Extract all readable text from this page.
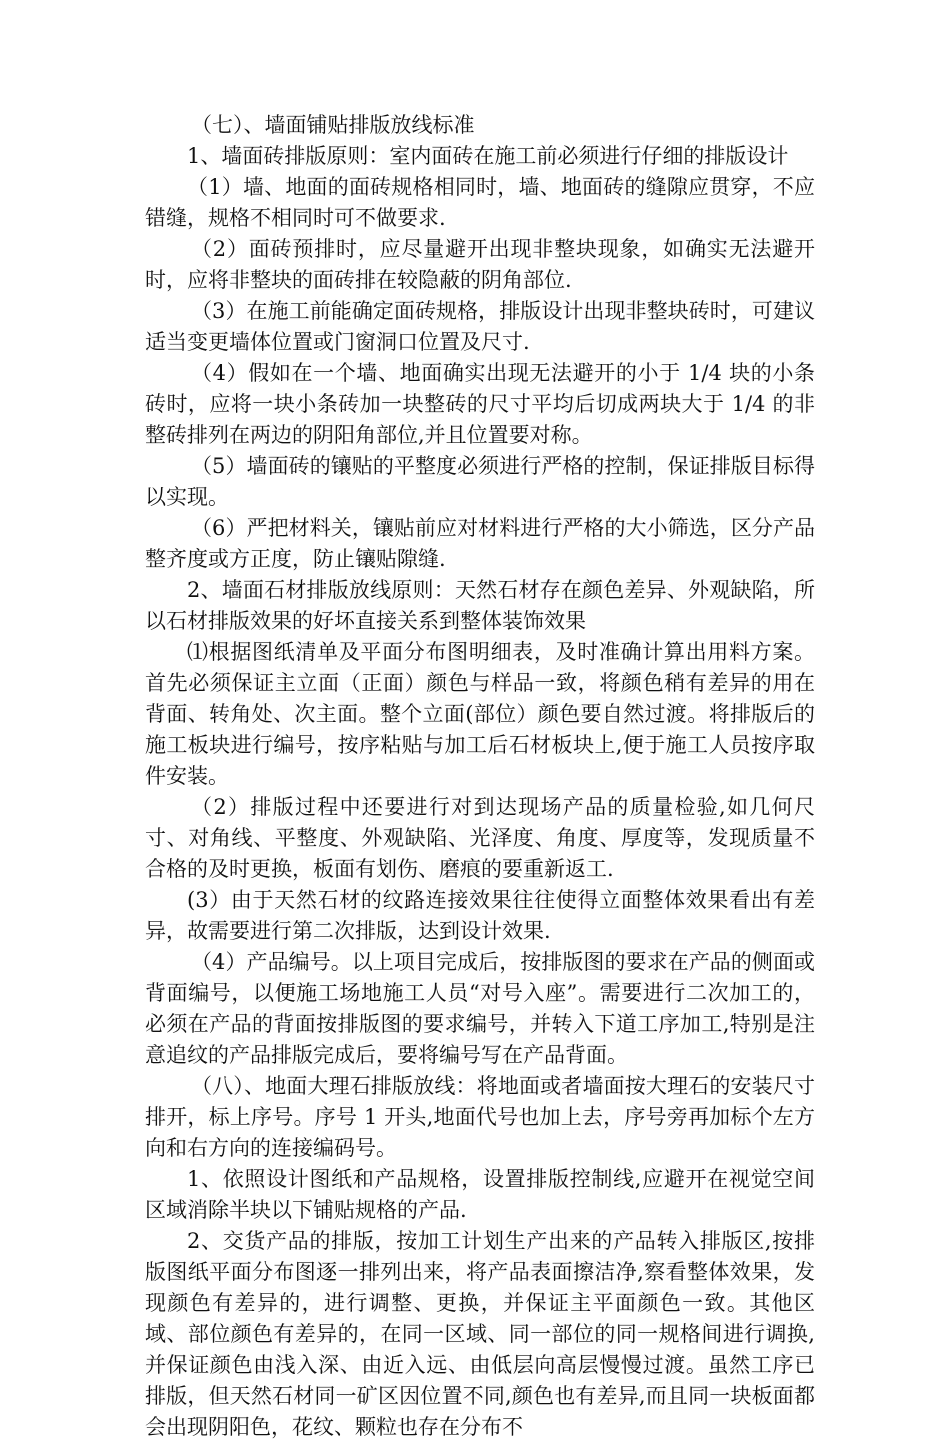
（七）、墙面铺贴排版放线标准

1、墙面砖排版原则：室内面砖在施工前必须进行仔细的排版设计

（1）墙、地面的面砖规格相同时，墙、地面砖的缝隙应贯穿，不应错缝，规格不相同时可不做要求.

（2）面砖预排时，应尽量避开出现非整块现象，如确实无法避开时，应将非整块的面砖排在较隐蔽的阴角部位.

（3）在施工前能确定面砖规格，排版设计出现非整块砖时，可建议适当变更墙体位置或门窗洞口位置及尺寸.

（4）假如在一个墙、地面确实出现无法避开的小于 1/4 块的小条砖时，应将一块小条砖加一块整砖的尺寸平均后切成两块大于 1/4 的非整砖排列在两边的阴阳角部位,并且位置要对称。

（5）墙面砖的镶贴的平整度必须进行严格的控制，保证排版目标得以实现。

（6）严把材料关，镶贴前应对材料进行严格的大小筛选，区分产品整齐度或方正度，防止镶贴隙缝.

2、墙面石材排版放线原则：天然石材存在颜色差异、外观缺陷，所以石材排版效果的好坏直接关系到整体装饰效果

⑴根据图纸清单及平面分布图明细表，及时准确计算出用料方案。首先必须保证主立面（正面）颜色与样品一致，将颜色稍有差异的用在背面、转角处、次主面。整个立面(部位）颜色要自然过渡。将排版后的施工板块进行编号，按序粘贴与加工后石材板块上,便于施工人员按序取件安装。

（2）排版过程中还要进行对到达现场产品的质量检验,如几何尺寸、对角线、平整度、外观缺陷、光泽度、角度、厚度等，发现质量不合格的及时更换，板面有划伤、磨痕的要重新返工.

(3）由于天然石材的纹路连接效果往往使得立面整体效果看出有差异，故需要进行第二次排版，达到设计效果.

（4）产品编号。以上项目完成后，按排版图的要求在产品的侧面或背面编号，以便施工场地施工人员“对号入座”。需要进行二次加工的，必须在产品的背面按排版图的要求编号，并转入下道工序加工,特别是注意追纹的产品排版完成后，要将编号写在产品背面。

（八）、地面大理石排版放线：将地面或者墙面按大理石的安装尺寸排开，标上序号。序号 1 开头,地面代号也加上去，序号旁再加标个左方向和右方向的连接编码号。

1、依照设计图纸和产品规格，设置排版控制线,应避开在视觉空间区域消除半块以下铺贴规格的产品.

2、交货产品的排版，按加工计划生产出来的产品转入排版区,按排版图纸平面分布图逐一排列出来，将产品表面擦洁净,察看整体效果，发现颜色有差异的，进行调整、更换，并保证主平面颜色一致。其他区域、部位颜色有差异的，在同一区域、同一部位的同一规格间进行调换,并保证颜色由浅入深、由近入远、由低层向高层慢慢过渡。虽然工序已排版，但天然石材同一矿区因位置不同,颜色也有差异,而且同一块板面都会出现阴阳色，花纹、颗粒也存在分布不
